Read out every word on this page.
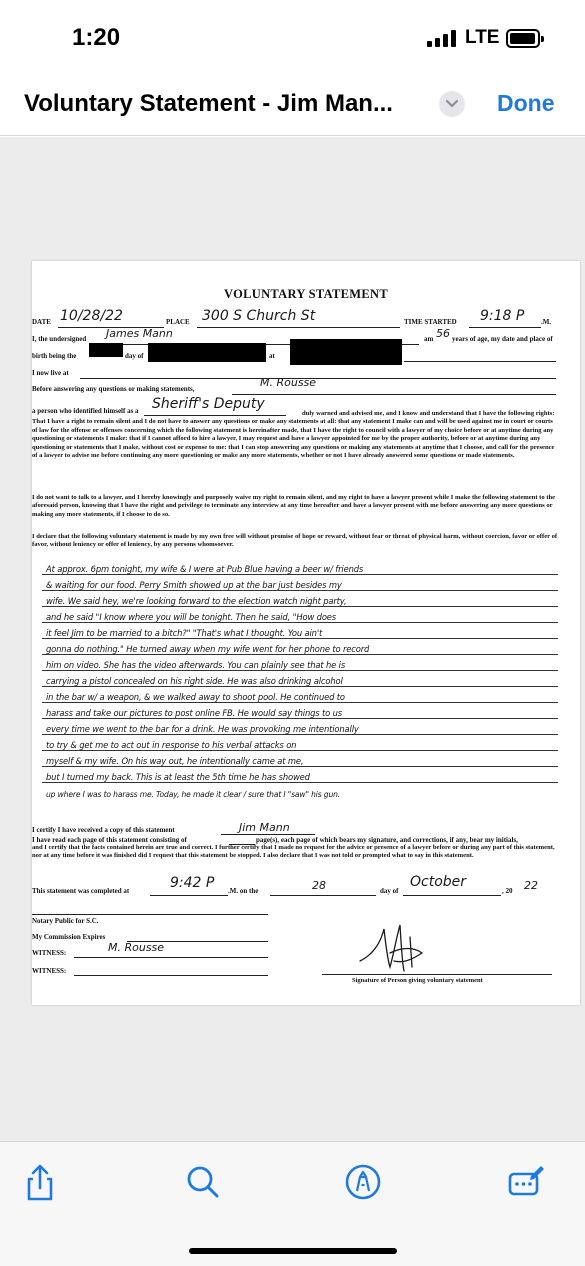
1:20	LTE
Voluntary Statement - Jim Man...	Done
VOLUNTARY STATEMENT
DATE 10/28/22	PLACE 300 S Church St	TIME STARTED 9:18 P .M.
I, the undersigned James Mann	am 56 years of age, my date and place of
birth being the	day of	at
I now live at
Before answering any questions or making statements,	M. Rousse
a person who identified himself as a Sheriff's Deputy
duly warned and advised me, and I know and understand that I have the following rights: That I have a right to remain silent and I do not have to answer any questions or make any statements at all: that any statement I make can and will be used against me in court or courts of law for the offense or offenses concerning which the following statement is hereinafter made, that I have the right to council with a lawyer of my choice before or at anytime during any questioning or statements I make: that if I cannot afford to hire a lawyer, I may request and have a lawyer appointed for me by the proper authority, before or at anytime during any questioning or statements that I make, without cost or expense to me: that I can stop answering any questions or making any statements at anytime that I choose, and call for the presence of a lawyer to advise me before continuing any more questioning or make any more statements, whether or not I have already answered some questions or made statements.
I do not want to talk to a lawyer, and I hereby knowingly and purposely waive my right to remain silent, and my right to have a lawyer present while I make the following statement to the aforesaid person, knowing that I have the right and privilege to terminate any interview at any time hereafter and have a lawyer present with me before answering any more questions or making any more statements, if I choose to do so.
I declare that the following voluntary statement is made by my own free will without promise of hope or reward, without fear or threat of physical harm, without coercion, favor or offer of favor, without leniency or offer of leniency, by any persons whomsoever.
At approx. 6pm tonight, my wife & I were at Pub Blue having a beer w/ friends
& waiting for our food. Perry Smith showed up at the bar just besides my
wife. We said hey, we're looking forward to the election watch night party,
and he said "I know where you will be tonight. Then he said, "How does
it feel Jim to be married to a bitch?" "That's what I thought. You ain't
gonna do nothing." He turned away when my wife went for her phone to record
him on video. She has the video afterwards. You can plainly see that he is
carrying a pistol concealed on his right side. He was also drinking alcohol
in the bar w/ a weapon, & we walked away to shoot pool. He continued to
harass and take our pictures to post online FB. He would say things to us
every time we went to the bar for a drink. He was provoking me intentionally
to try & get me to act out in response to his verbal attacks on
myself & my wife. On his way out, he intentionally came at me,
but I turned my back. This is at least the 5th time he has showed
up where I was to harass me. Today, he made it clear / sure that I "saw" his gun.
I certify I have received a copy of this statement	Jim Mann
I have read each page of this statement consisting of	page(s), each page of which bears my signature, and corrections, if any, bear my initials,
and I certify that the facts contained herein are true and correct. I further certify that I made no request for the advice or presence of a lawyer before or during any part of this statement, nor at any time before it was finished did I request that this statement be stopped. I also declare that I was not told or prompted what to say in this statement.
This statement was completed at	9:42 P .M. on the	28	day of
October
, 20 22
Notary Public for S.C.
My Commission Expires
WITNESS:	M. Rousse
WITNESS:
Signature of Person giving voluntary statement
